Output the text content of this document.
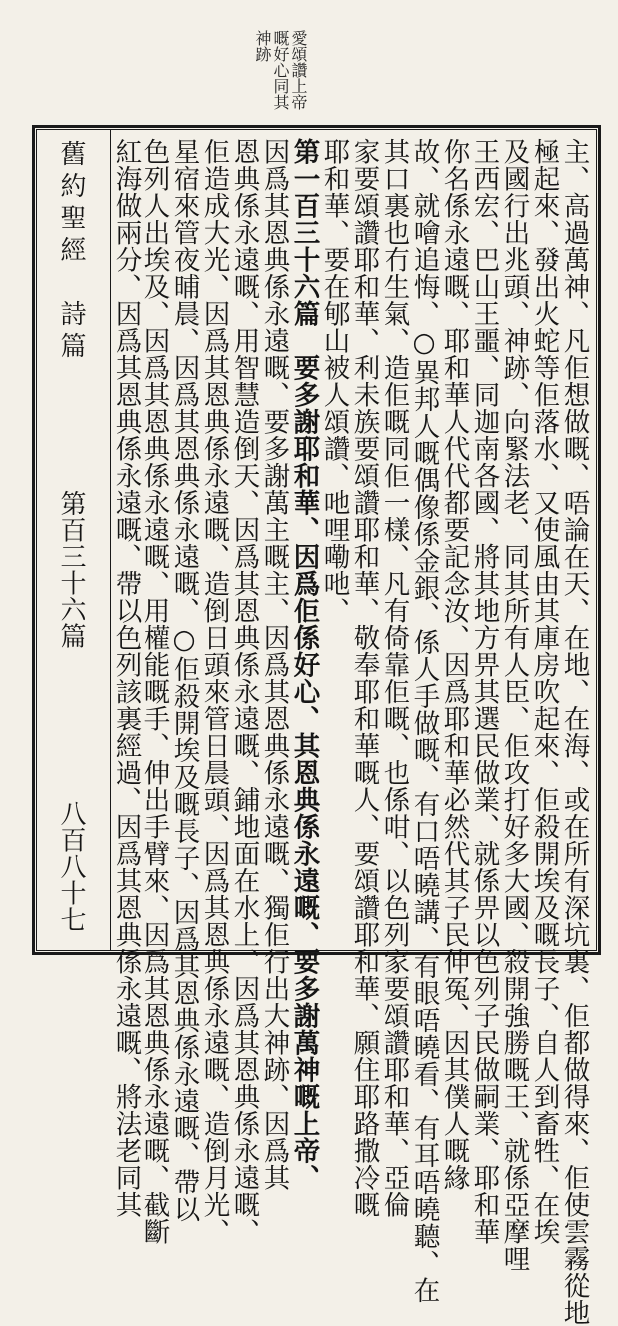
愛頌讚上帝
嘅好心同其
神跡
舊約聖經　詩篇
第百三十六篇
八百八十七	主、高過萬神、凡佢想做嘅、唔論在天、在地、在海、或在所有深坑裏、佢都做得來、佢使雲霧從地
極起來、發出火蛇等佢落水、又使風由其庫房吹起來、佢殺開埃及嘅長子、自人到畜牲、在埃
及國行出兆頭、神跡、向緊法老、同其所有人臣、佢攻打好多大國、殺開強勝嘅王、就係亞摩哩
王西宏、巴山王噩、同迦南各國、將其地方畀其選民做業、就係畀以色列子民做嗣業、耶和華
你名係永遠嘅、耶和華人代代都要記念汝、因爲耶和華必然代其子民伸冤、因其僕人嘅緣
故、就噲追悔、○異邦人嘅偶像係金銀、係人手做嘅、有口唔曉講、有眼唔曉看、有耳唔曉聽、在
其口裏也冇生氣、造佢嘅同佢一樣、凡有倚靠佢嘅、也係咁、以色列家要頌讚耶和華、亞倫
家要頌讚耶和華、利未族要頌讚耶和華、敬奉耶和華嘅人、要頌讚耶和華、願住耶路撒冷嘅
耶和華、要在郇山被人頌讚、吔哩嘞吔、
第一百三十六篇　要多謝耶和華、因爲佢係好心、其恩典係永遠嘅、要多謝萬神嘅上帝、
因爲其恩典係永遠嘅、要多謝萬主嘅主、因爲其恩典係永遠嘅、獨佢行出大神跡、因爲其
恩典係永遠嘅、用智慧造倒天、因爲其恩典係永遠嘅、鋪地面在水上、因爲其恩典係永遠嘅、
佢造成大光、因爲其恩典係永遠嘅、造倒日頭來管日晨頭、因爲其恩典係永遠嘅、造倒月光、
星宿來管夜晡晨、因爲其恩典係永遠嘅、○佢殺開埃及嘅長子、因爲其恩典係永遠嘅、帶以
色列人出埃及、因爲其恩典係永遠嘅、用權能嘅手、伸出手臂來、因爲其恩典係永遠嘅、截斷
紅海做兩分、因爲其恩典係永遠嘅、帶以色列該裏經過、因爲其恩典係永遠嘅、將法老同其
